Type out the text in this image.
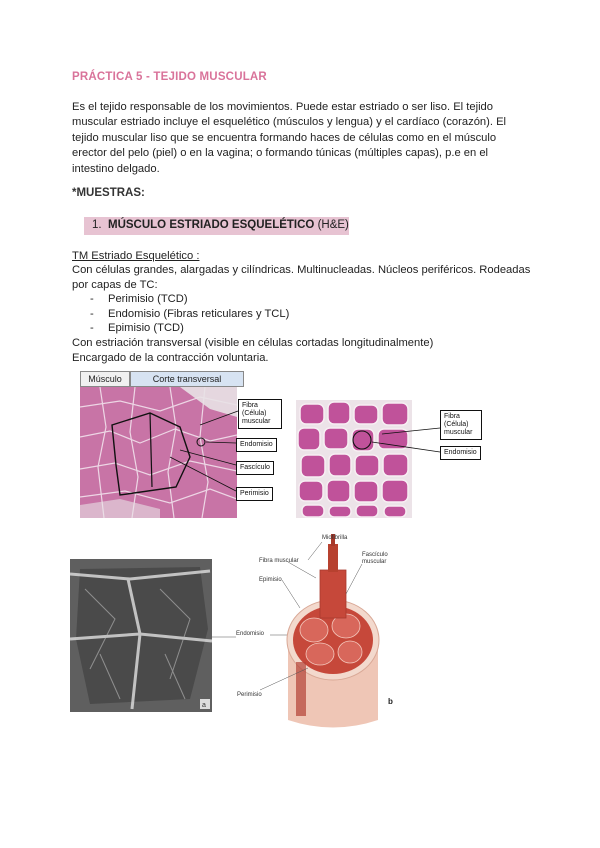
PRÁCTICA 5 - TEJIDO MUSCULAR
Es el tejido responsable de los movimientos. Puede estar estriado o ser liso. El tejido muscular estriado incluye el esquelético (músculos y lengua) y el cardíaco (corazón). El tejido muscular liso que se encuentra formando haces de células como en el músculo erector del pelo (piel) o en la vagina; o formando túnicas (múltiples capas), p.e en el intestino delgado.
*MUESTRAS:
1. MÚSCULO ESTRIADO ESQUELÉTICO (H&E)
TM Estriado Esquelético :
Con células grandes, alargadas y cilíndricas. Multinucleadas. Núcleos periféricos. Rodeadas por capas de TC:
- Perimisio (TCD)
- Endomisio (Fibras reticulares y TCL)
- Epimisio (TCD)
Con estriación transversal (visible en células cortadas longitudinalmente)
Encargado de la contracción voluntaria.
Músculo	Corte transversal
Fibra (Célula) muscular
Endomisio
Fascículo
Perimisio
Fibra (Célula) muscular
Endomisio
a
Endomisio
b
Miofibrilla
Fibra muscular
Fascículo muscular
Epimisio
Perimisio
